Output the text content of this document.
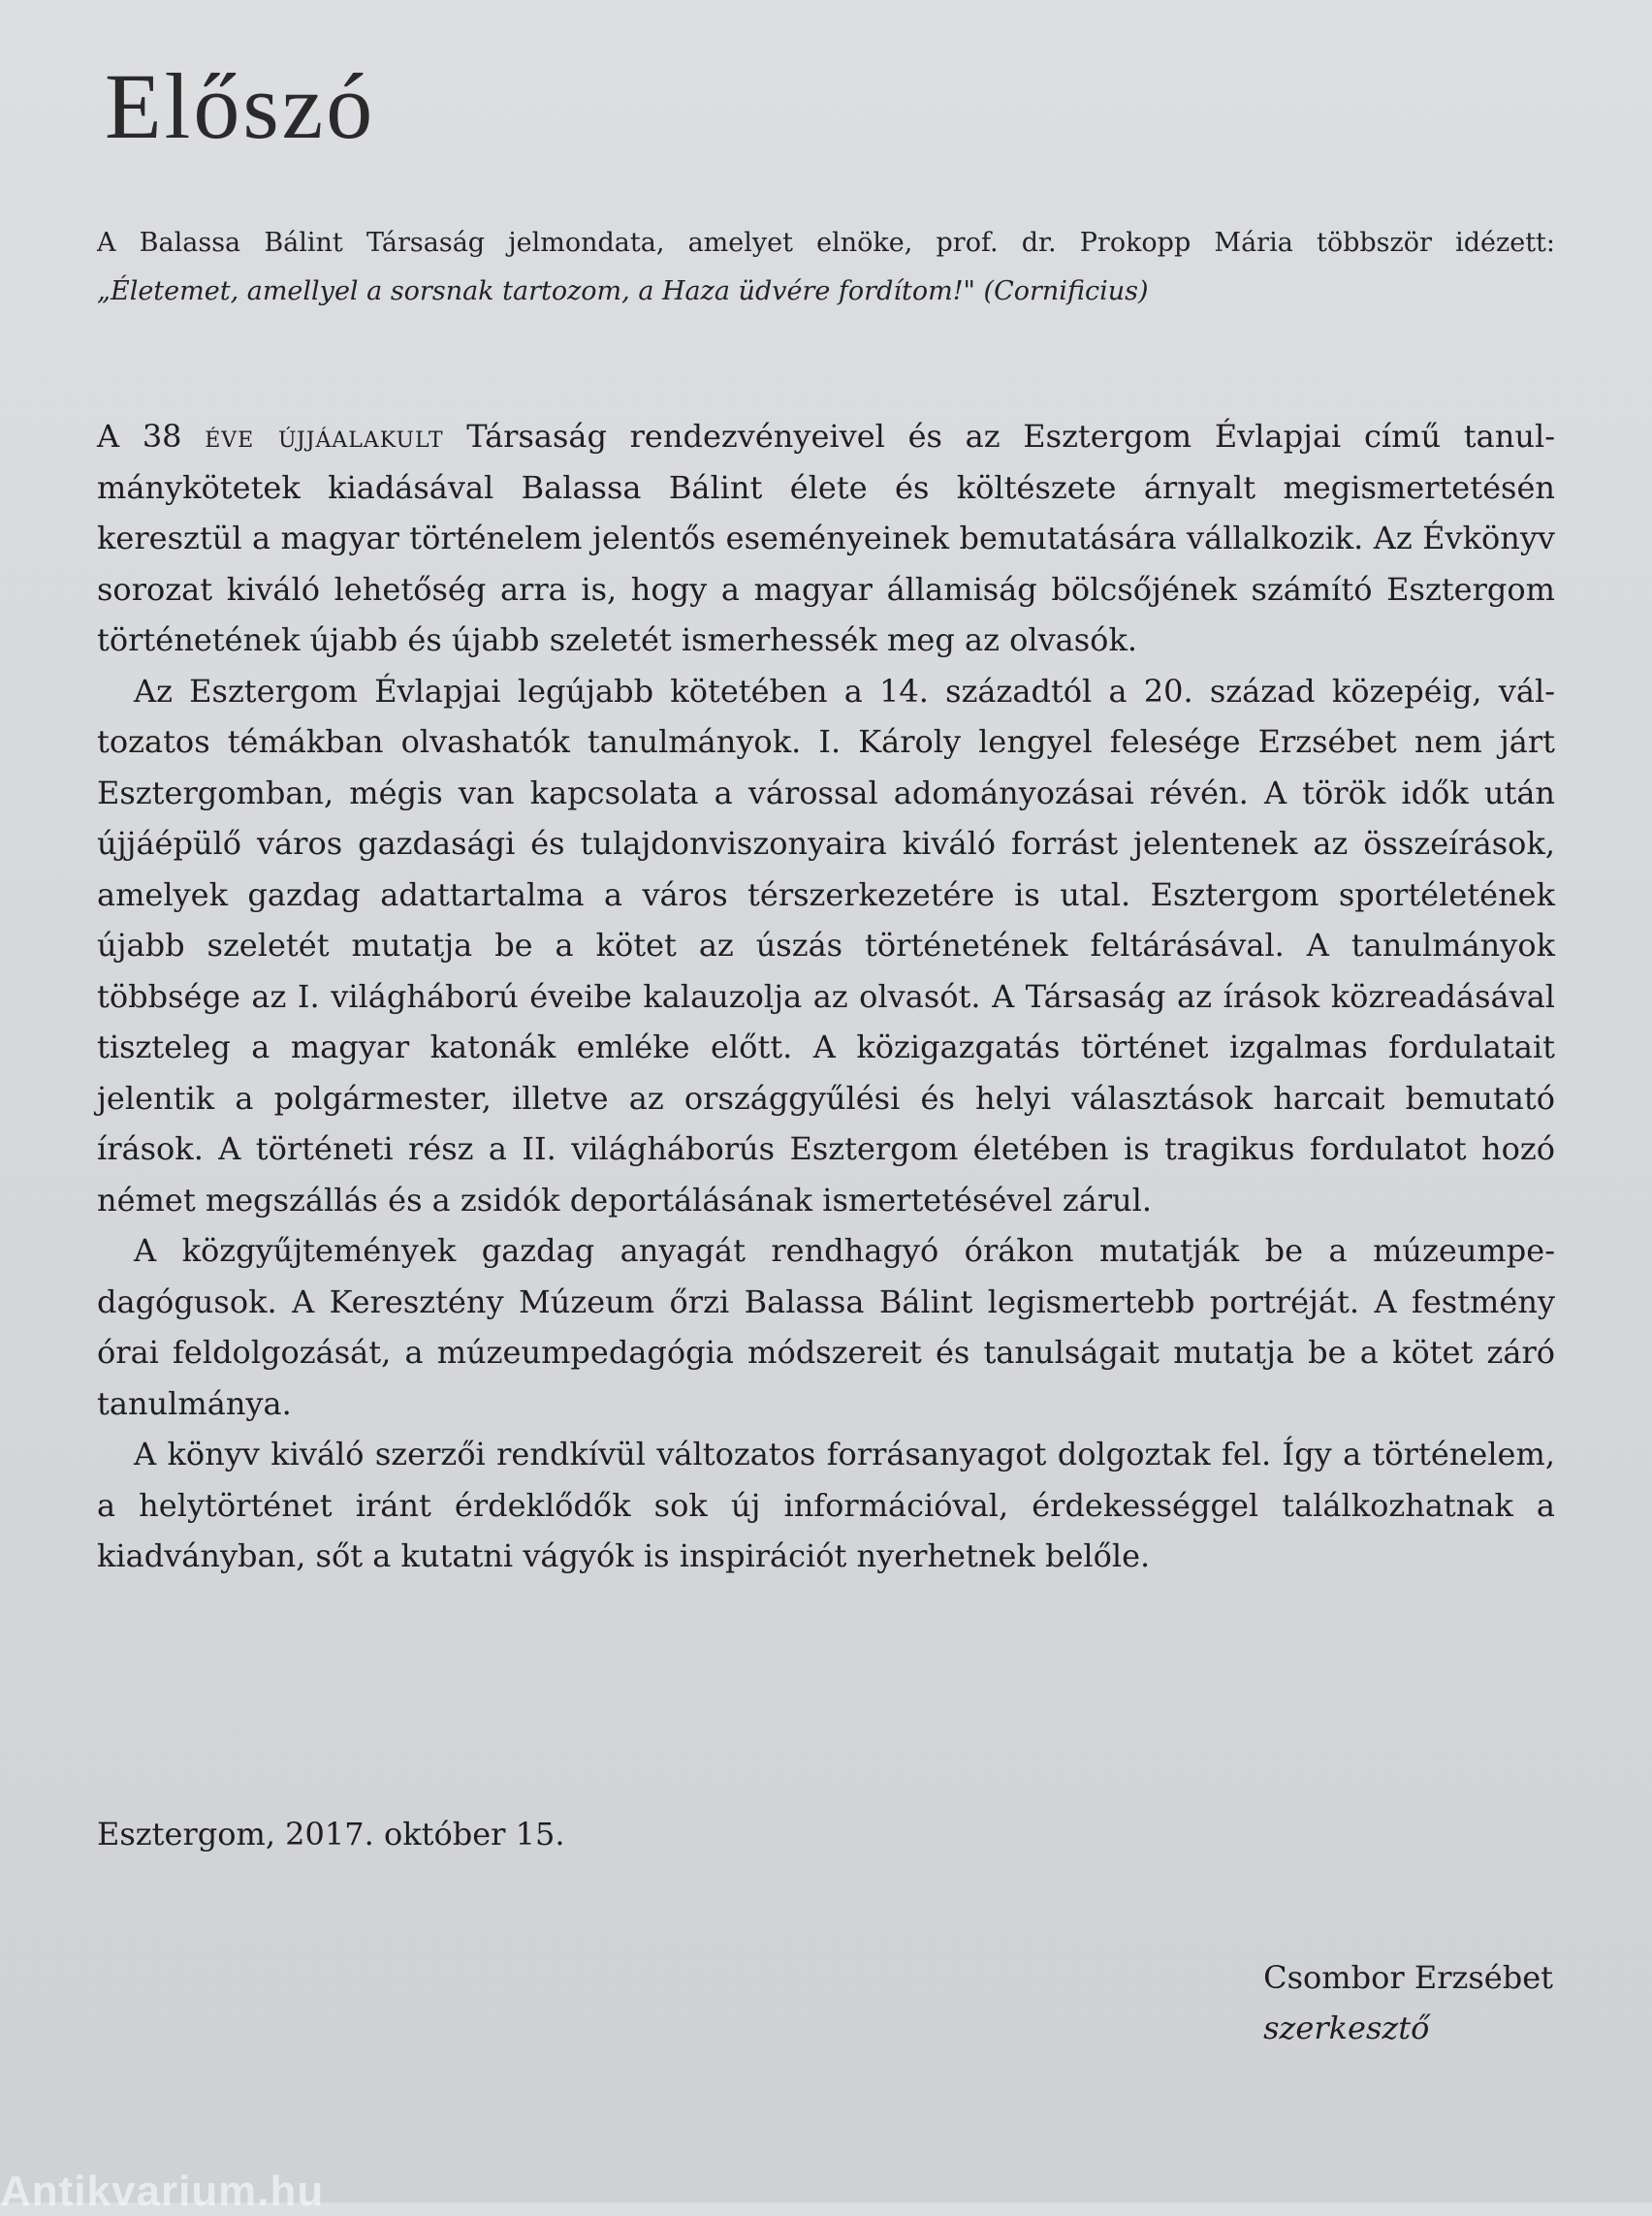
Előszó
A Balassa Bálint Társaság jelmondata, amelyet elnöke, prof. dr. Prokopp Mária többször idézett:
„Életemet, amellyel a sorsnak tartozom, a Haza üdvére fordítom!" (Cornificius)

A 38 éve újjáalakult Társaság rendezvényeivel és az Esztergom Évlapjai című tanulmánykötetek kiadásával Balassa Bálint élete és költészete árnyalt megismertetésén keresztül a magyar történelem jelentős eseményeinek bemutatására vállalkozik. Az Évkönyv sorozat kiváló lehetőség arra is, hogy a magyar államiság bölcsőjének számító Esztergom történetének újabb és újabb szeletét ismerhessék meg az olvasók.

Az Esztergom Évlapjai legújabb kötetében a 14. századtól a 20. század közepéig, változatos témákban olvashatók tanulmányok. I. Károly lengyel felesége Erzsébet nem járt Esztergomban, mégis van kapcsolata a várossal adományozásai révén. A török idők után újjáépülő város gazdasági és tulajdonviszonyaira kiváló forrást jelentenek az összeírások, amelyek gazdag adattartalma a város térszerkezetére is utal. Esztergom sportéletének újabb szeletét mutatja be a kötet az úszás történetének feltárásával. A tanulmányok többsége az I. világháború éveibe kalauzolja az olvasót. A Társaság az írások közreadásával tiszteleg a magyar katonák emléke előtt. A közigazgatás történet izgalmas fordulatait jelentik a polgármester, illetve az országgyűlési és helyi választások harcait bemutató írások. A történeti rész a II. világháborús Esztergom életében is tragikus fordulatot hozó német megszállás és a zsidók deportálásának ismertetésével zárul.

A közgyűjtemények gazdag anyagát rendhagyó órákon mutatják be a múzeumpedagógusok. A Keresztény Múzeum őrzi Balassa Bálint legismertebb portréját. A festmény órai feldolgozását, a múzeumpedagógia módszereit és tanulságait mutatja be a kötet záró tanulmánya.

A könyv kiváló szerzői rendkívül változatos forrásanyagot dolgoztak fel. Így a történelem, a helytörténet iránt érdeklődők sok új információval, érdekességgel találkozhatnak a kiadványban, sőt a kutatni vágyók is inspirációt nyerhetnek belőle.

Esztergom, 2017. október 15.
Csombor Erzsébet
szerkesztő
Antikvarium.hu
